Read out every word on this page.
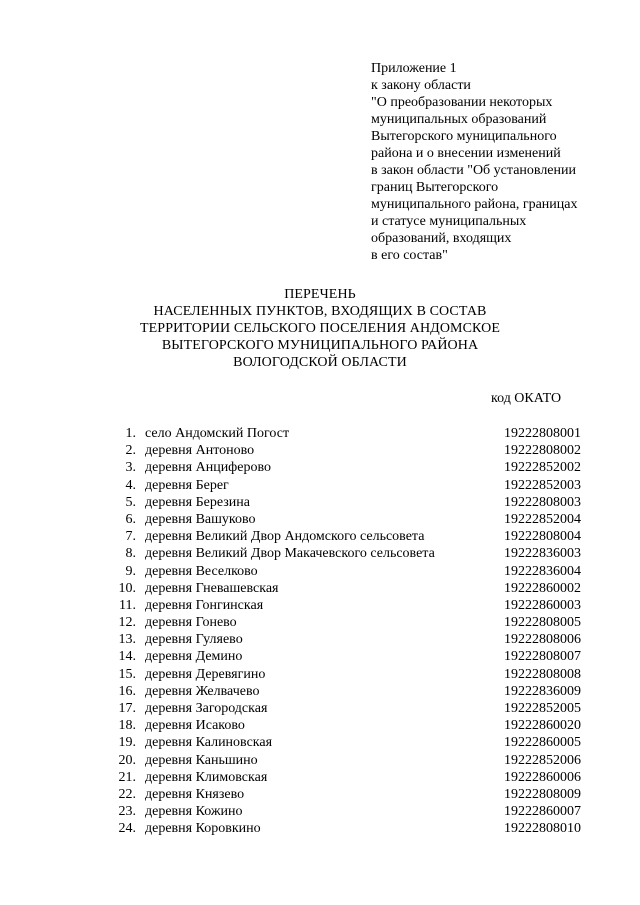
Приложение 1
к закону области
"О преобразовании некоторых
муниципальных образований
Вытегорского муниципального
района и о внесении изменений
в закон области "Об установлении
границ Вытегорского
муниципального района, границах
и статусе муниципальных
образований, входящих
в его состав"
ПЕРЕЧЕНЬ
НАСЕЛЕННЫХ ПУНКТОВ, ВХОДЯЩИХ В СОСТАВ
ТЕРРИТОРИИ СЕЛЬСКОГО ПОСЕЛЕНИЯ АНДОМСКОЕ
ВЫТЕГОРСКОГО МУНИЦИПАЛЬНОГО РАЙОНА
ВОЛОГОДСКОЙ ОБЛАСТИ
код ОКАТО
1. село Андомский Погост	19222808001
2. деревня Антоново	19222808002
3. деревня Анциферово	19222852002
4. деревня Берег	19222852003
5. деревня Березина	19222808003
6. деревня Вашуково	19222852004
7. деревня Великий Двор Андомского сельсовета	19222808004
8. деревня Великий Двор Макачевского сельсовета	19222836003
9. деревня Веселково	19222836004
10. деревня Гневашевская	19222860002
11. деревня Гонгинская	19222860003
12. деревня Гонево	19222808005
13. деревня Гуляево	19222808006
14. деревня Демино	19222808007
15. деревня Деревягино	19222808008
16. деревня Желвачево	19222836009
17. деревня Загородская	19222852005
18. деревня Исаково	19222860020
19. деревня Калиновская	19222860005
20. деревня Каньшино	19222852006
21. деревня Климовская	19222860006
22. деревня Князево	19222808009
23. деревня Кожино	19222860007
24. деревня Коровкино	19222808010
